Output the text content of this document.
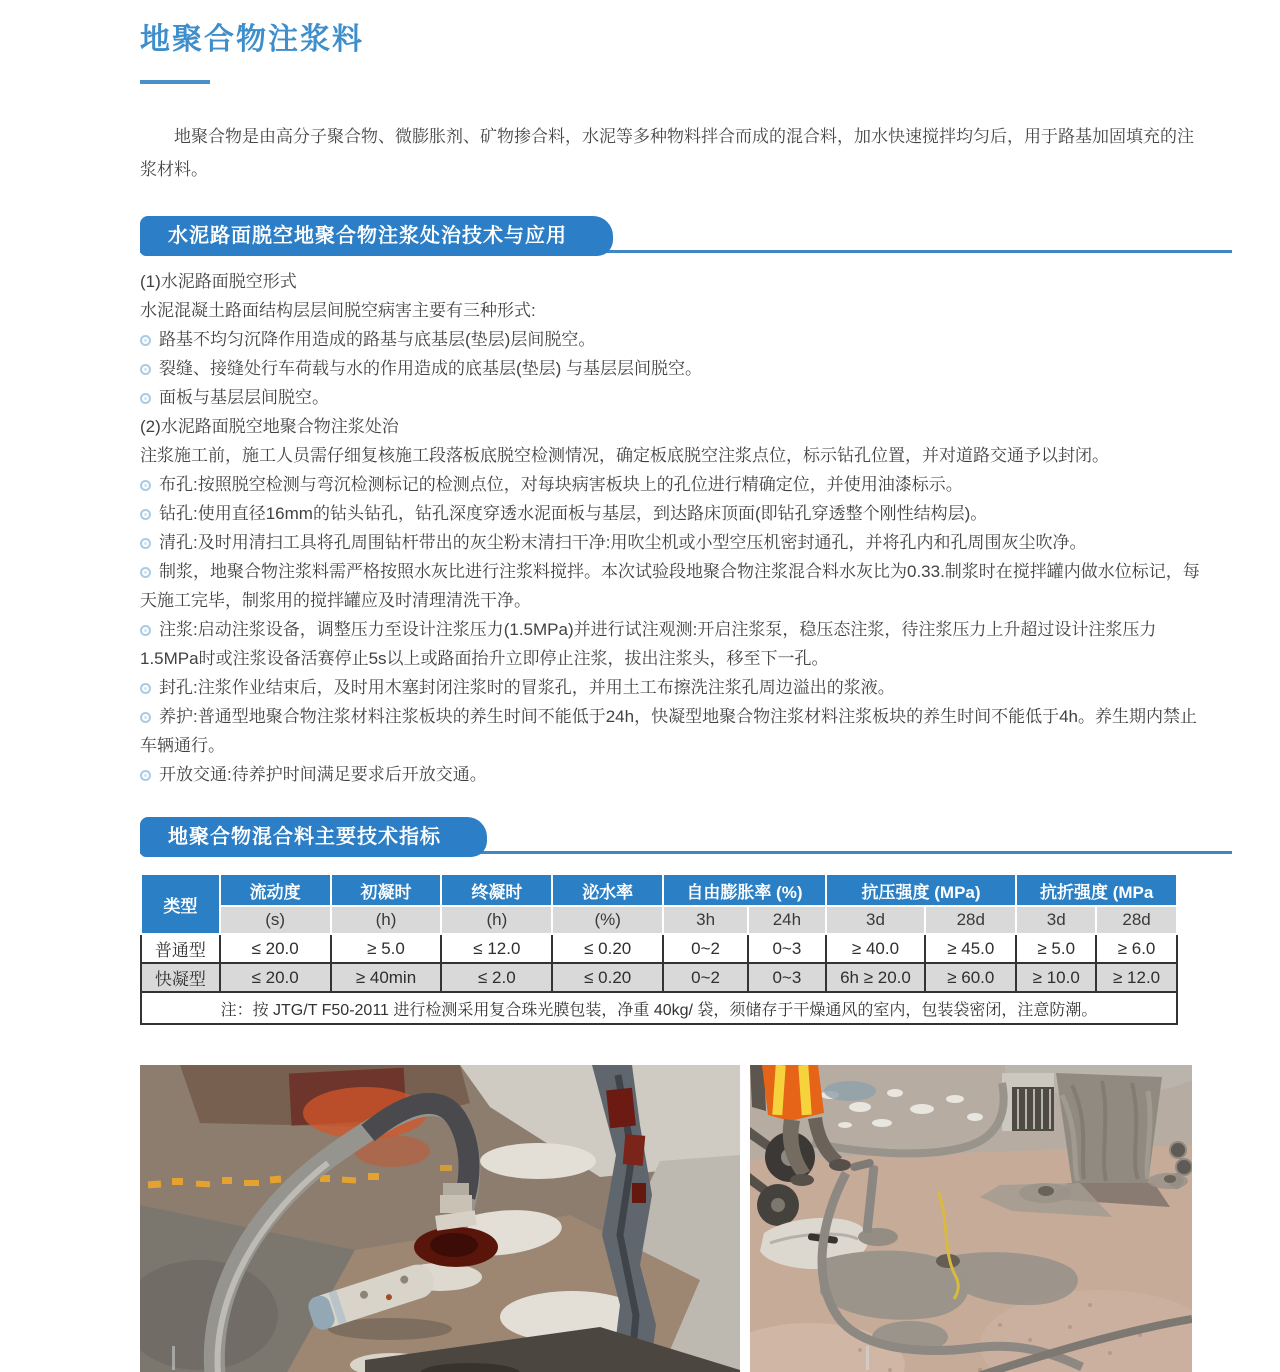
地聚合物注浆料

地聚合物是由高分子聚合物、微膨胀剂、矿物掺合料，水泥等多种物料拌合而成的混合料，加水快速搅拌均匀后，用于路基加固填充的注浆材料。

水泥路面脱空地聚合物注浆处治技术与应用

(1)水泥路面脱空形式

水泥混凝土路面结构层层间脱空病害主要有三种形式:

路基不均匀沉降作用造成的路基与底基层(垫层)层间脱空。

裂缝、接缝处行车荷载与水的作用造成的底基层(垫层) 与基层层间脱空。

面板与基层层间脱空。

(2)水泥路面脱空地聚合物注浆处治

注浆施工前，施工人员需仔细复核施工段落板底脱空检测情况，确定板底脱空注浆点位，标示钻孔位置，并对道路交通予以封闭。

布孔:按照脱空检测与弯沉检测标记的检测点位，对每块病害板块上的孔位进行精确定位，并使用油漆标示。

钻孔:使用直径16mm的钻头钻孔，钻孔深度穿透水泥面板与基层，到达路床顶面(即钻孔穿透整个刚性结构层)。

清孔:及时用清扫工具将孔周围钻杆带出的灰尘粉末清扫干净:用吹尘机或小型空压机密封通孔，并将孔内和孔周围灰尘吹净。

制浆，地聚合物注浆料需严格按照水灰比进行注浆料搅拌。本次试验段地聚合物注浆混合料水灰比为0.33.制浆时在搅拌罐内做水位标记，每天施工完毕，制浆用的搅拌罐应及时清理清洗干净。

注浆:启动注浆设备，调整压力至设计注浆压力(1.5MPa)并进行试注观测:开启注浆泵，稳压态注浆，待注浆压力上升超过设计注浆压力1.5MPa时或注浆设备活赛停止5s以上或路面抬升立即停止注浆，拔出注浆头，移至下一孔。

封孔:注浆作业结束后，及时用木塞封闭注浆时的冒浆孔，并用土工布擦洗注浆孔周边溢出的浆液。

养护:普通型地聚合物注浆材料注浆板块的养生时间不能低于24h，快凝型地聚合物注浆材料注浆板块的养生时间不能低于4h。养生期内禁止车辆通行。

开放交通:待养护时间满足要求后开放交通。

地聚合物混合料主要技术指标
类型	流动度	初凝时	终凝时	泌水率	自由膨胀率 (%)		抗压强度 (MPa)		抗折强度 (MPa	
	(s)	(h)	(h)	(%)	3h	24h	3d	28d	3d	28d
普通型	≤ 20.0	≥ 5.0	≤ 12.0	≤ 0.20	0~2	0~3	≥ 40.0	≥ 45.0	≥ 5.0	≥ 6.0
快凝型	≤ 20.0	≥ 40min	≤ 2.0	≤ 0.20	0~2	0~3	6h ≥ 20.0	≥ 60.0	≥ 10.0	≥ 12.0
注：按 JTG/T F50-2011 进行检测采用复合珠光膜包装，净重 40kg/ 袋，须储存于干燥通风的室内，包装袋密闭，注意防潮。										
